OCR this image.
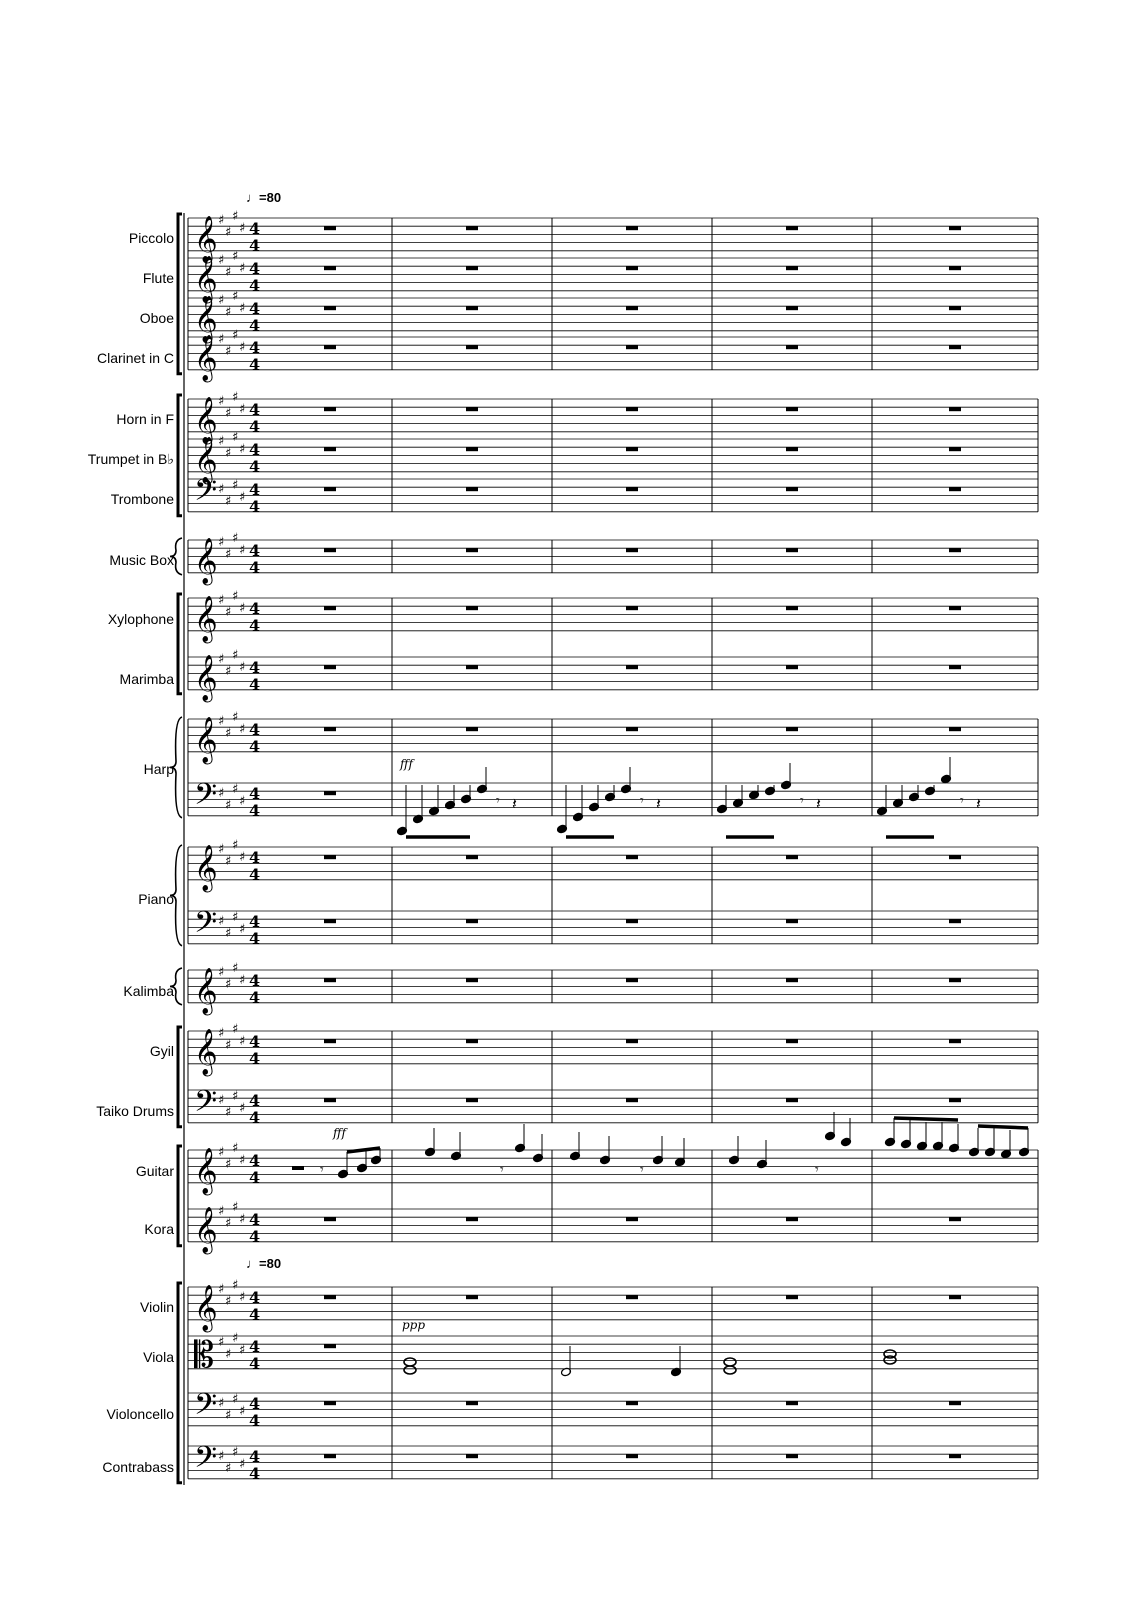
𝄞 ♯
♯
♯
♯ 4
4
𝄞 ♯
♯
♯
♯ 4
4
𝄞 ♯
♯
♯
♯ 4
4
𝄞 ♯
♯
♯
♯ 4
4
𝄞 ♯
♯
♯
♯ 4
4
𝄞 ♯
♯
♯
♯ 4
4
𝄢 ♯
♯
♯
♯ 4
4
𝄞 ♯
♯
♯
♯ 4
4
𝄞 ♯
♯
♯
♯ 4
4
𝄞 ♯
♯
♯
♯ 4
4
𝄞 ♯
♯
♯
♯ 4
4
𝄢 ♯
♯
♯
♯ 4
4
𝄞 ♯
♯
♯
♯ 4
4
𝄢 ♯
♯
♯
♯ 4
4
𝄞 ♯
♯
♯
♯ 4
4
𝄞 ♯
♯
♯
♯ 4
4
𝄢 ♯
♯
♯
♯ 4
4
𝄞 ♯
♯
♯
♯ 4
4
𝄞 ♯
♯
♯
♯ 4
4
𝄞 ♯
♯
♯
♯ 4
4
𝄡 ♯
♯
♯
♯ 4
4
𝄢 ♯
♯
♯
♯ 4
4
𝄢 ♯
♯
♯
♯ 4
4
𝄾 𝄽	𝄾 𝄽	𝄾 𝄽	𝄾 𝄽
𝄾	𝄾	𝄾	𝄾
♩=80
♩=80
Piccolo
Flute
Oboe
Clarinet in C
Horn in F
Trumpet in B♭
Trombone
Music Box
Xylophone
Marimba
Harp
Piano
Kalimba
Gyil
Taiko Drums
Guitar
Kora
Violin
Viola
Violoncello
Contrabass
fff
fff
ppp
